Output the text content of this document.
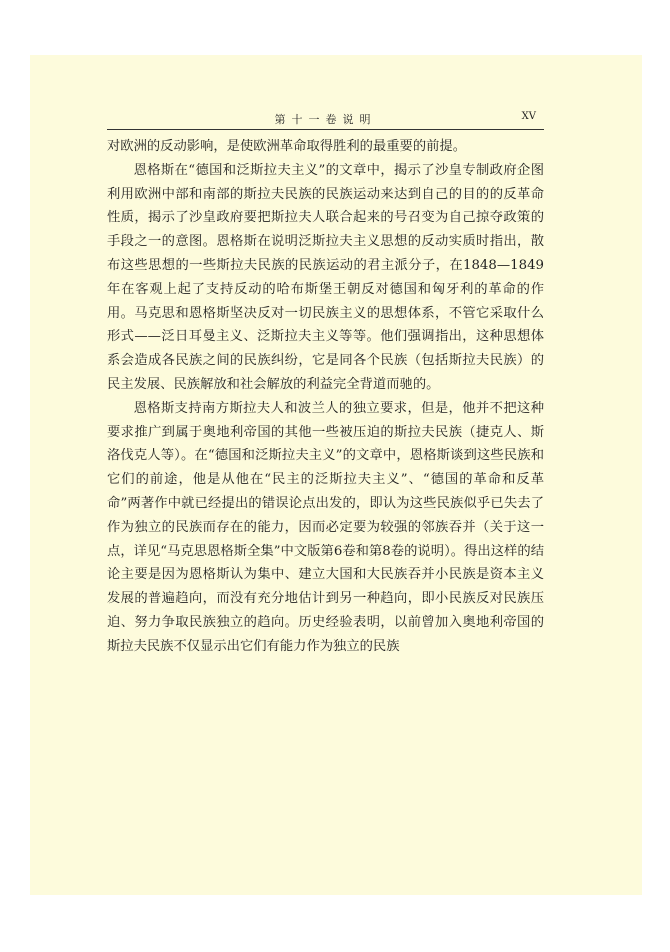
第十一卷说明	XV

对欧洲的反动影响，是使欧洲革命取得胜利的最重要的前提。

恩格斯在“德国和泛斯拉夫主义”的文章中，揭示了沙皇专制政府企图利用欧洲中部和南部的斯拉夫民族的民族运动来达到自己的目的的反革命性质，揭示了沙皇政府要把斯拉夫人联合起来的号召变为自己掠夺政策的手段之一的意图。恩格斯在说明泛斯拉夫主义思想的反动实质时指出，散布这些思想的一些斯拉夫民族的民族运动的君主派分子，在1848—1849年在客观上起了支持反动的哈布斯堡王朝反对德国和匈牙利的革命的作用。马克思和恩格斯坚决反对一切民族主义的思想体系，不管它采取什么形式——泛日耳曼主义、泛斯拉夫主义等等。他们强调指出，这种思想体系会造成各民族之间的民族纠纷，它是同各个民族（包括斯拉夫民族）的民主发展、民族解放和社会解放的利益完全背道而驰的。

恩格斯支持南方斯拉夫人和波兰人的独立要求，但是，他并不把这种要求推广到属于奥地利帝国的其他一些被压迫的斯拉夫民族（捷克人、斯洛伐克人等）。在“德国和泛斯拉夫主义”的文章中，恩格斯谈到这些民族和它们的前途，他是从他在“民主的泛斯拉夫主义”、“德国的革命和反革命”两著作中就已经提出的错误论点出发的，即认为这些民族似乎已失去了作为独立的民族而存在的能力，因而必定要为较强的邻族吞并（关于这一点，详见“马克思恩格斯全集”中文版第6卷和第8卷的说明）。得出这样的结论主要是因为恩格斯认为集中、建立大国和大民族吞并小民族是资本主义发展的普遍趋向，而没有充分地估计到另一种趋向，即小民族反对民族压迫、努力争取民族独立的趋向。历史经验表明，以前曾加入奥地利帝国的斯拉夫民族不仅显示出它们有能力作为独立的民族
